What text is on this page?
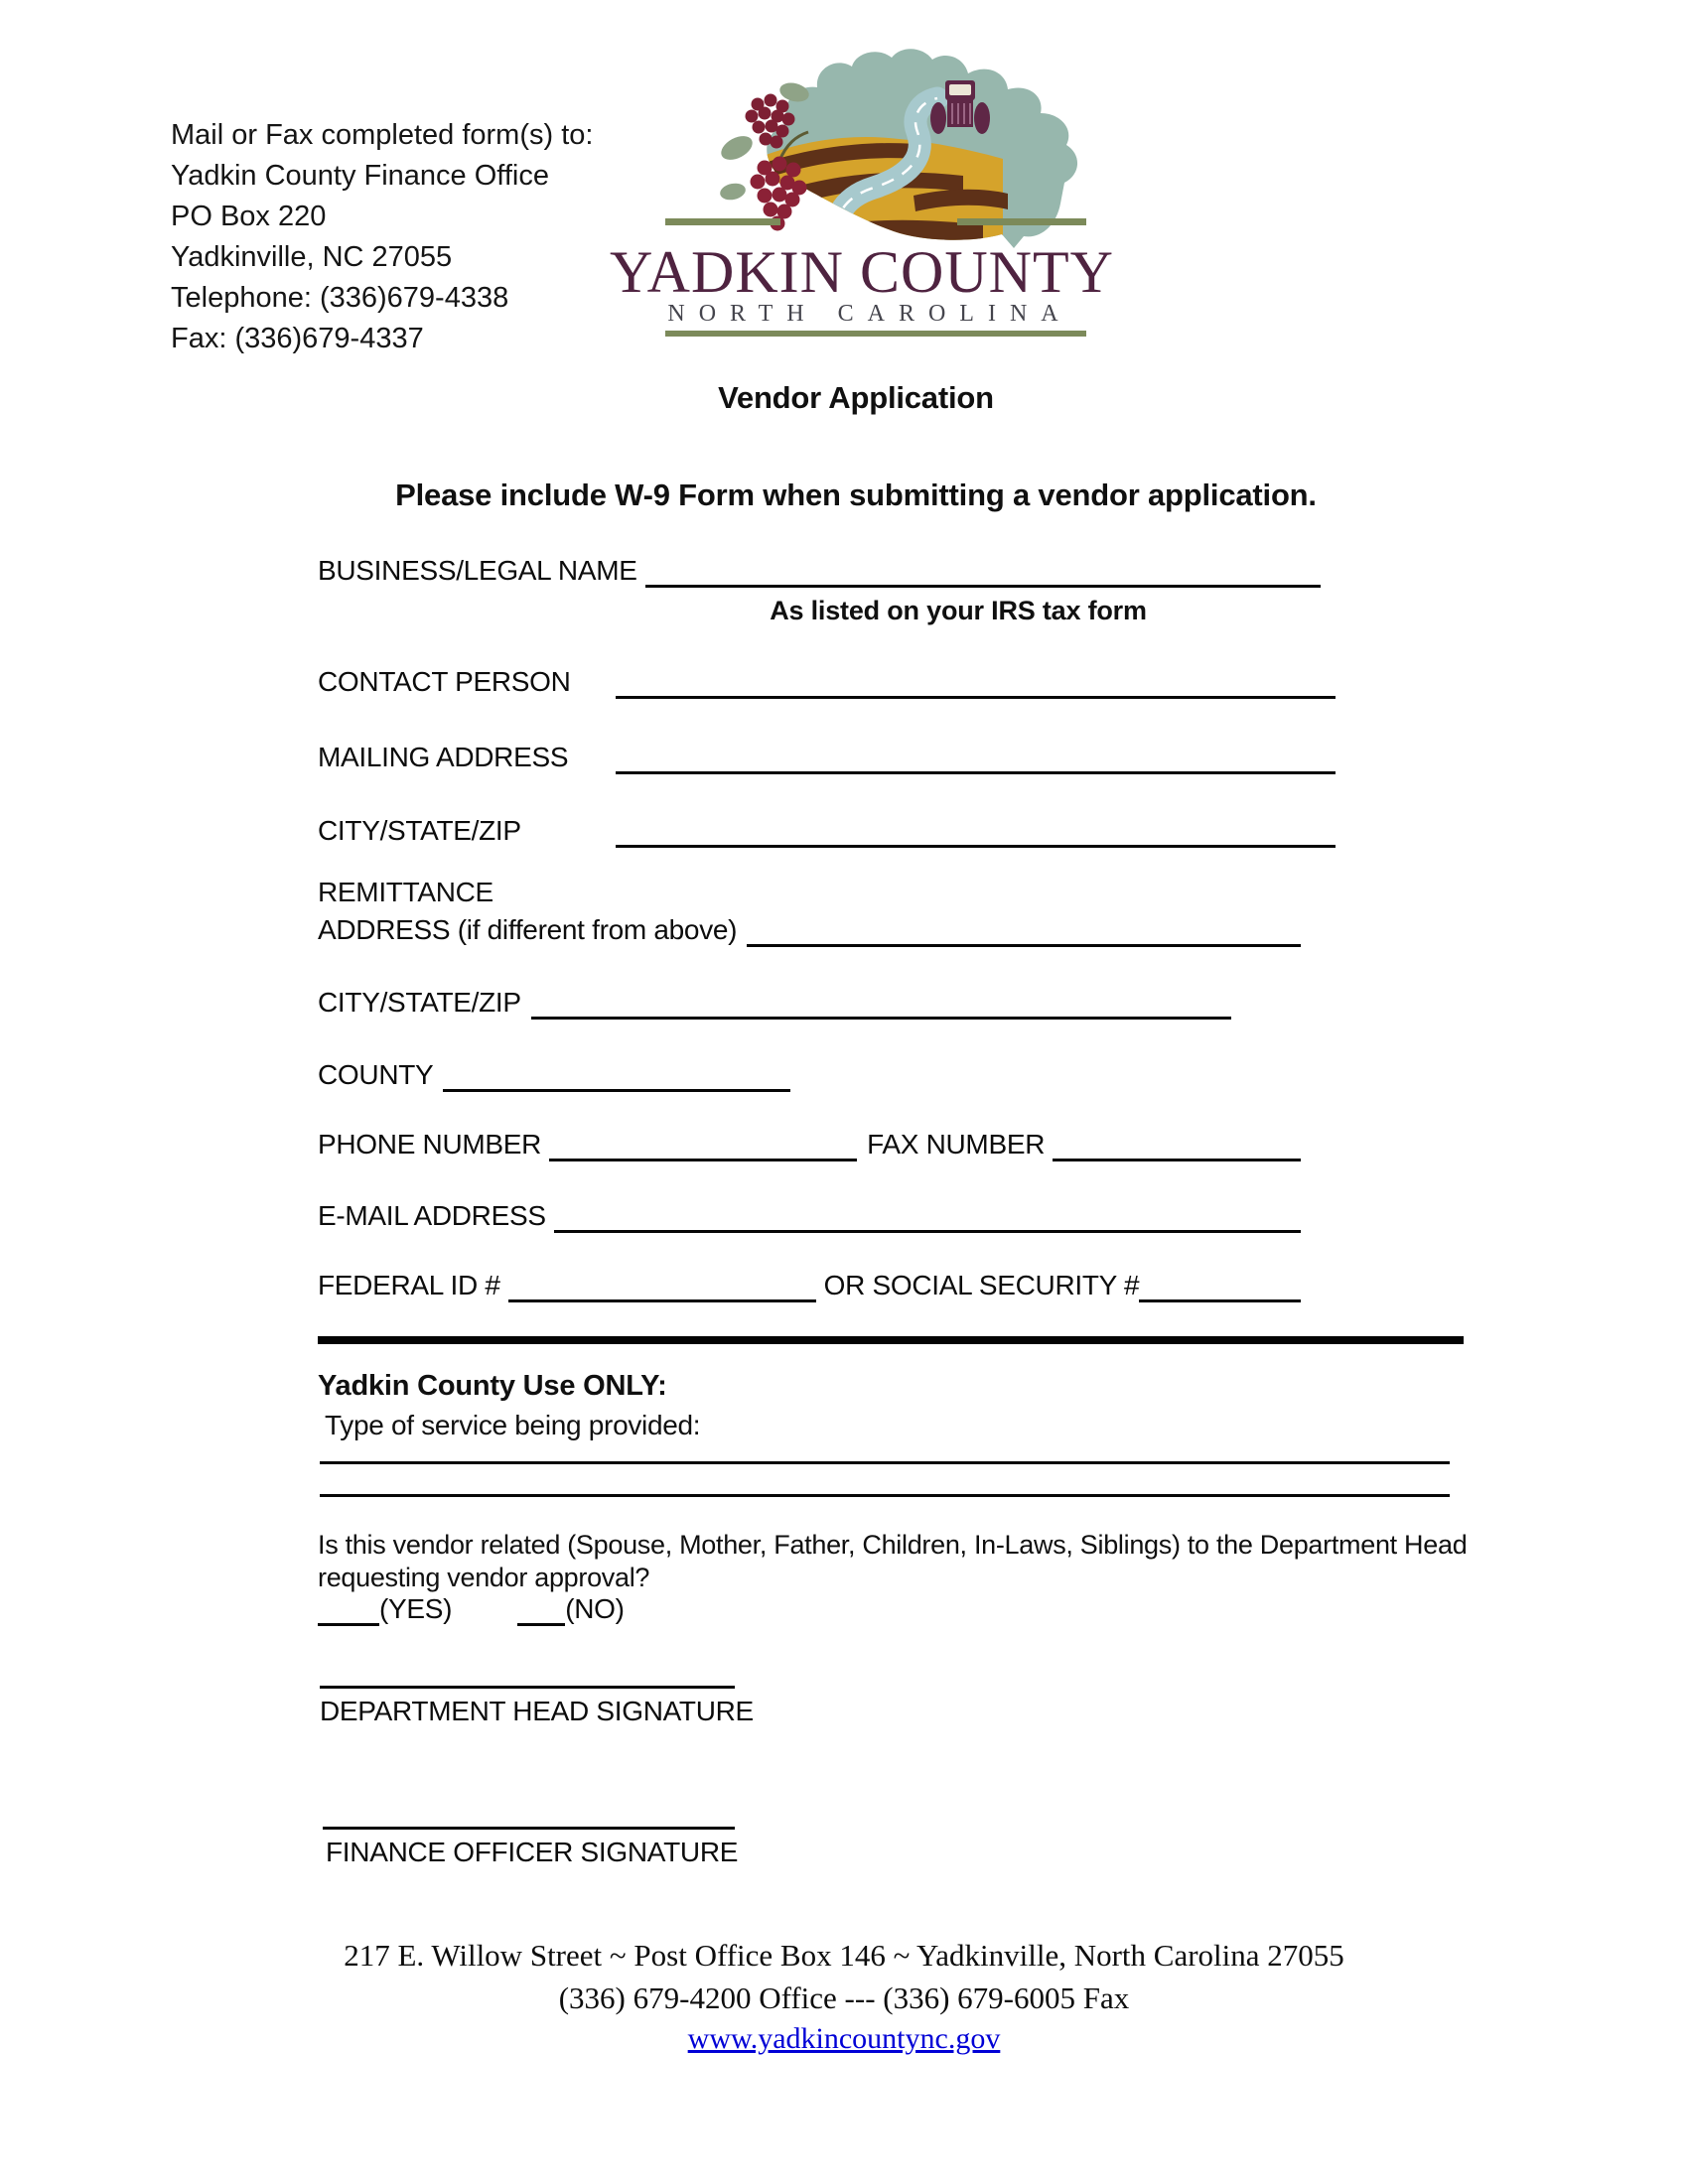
Mail or Fax completed form(s) to:
Yadkin County Finance Office
PO Box 220
Yadkinville, NC 27055
Telephone: (336)679-4338
Fax: (336)679-4337
YADKIN COUNTY
NORTH CAROLINA
Vendor Application
Please include W-9 Form when submitting a vendor application.
BUSINESS/LEGAL NAME
As listed on your IRS tax form
CONTACT PERSON
MAILING ADDRESS
CITY/STATE/ZIP
REMITTANCE
ADDRESS (if different from above)
CITY/STATE/ZIP
COUNTY
PHONE NUMBER	FAX NUMBER
E-MAIL ADDRESS
FEDERAL ID #	OR SOCIAL SECURITY #
Yadkin County Use ONLY:
Type of service being provided:
Is this vendor related (Spouse, Mother, Father, Children, In-Laws, Siblings) to the Department Head
requesting vendor approval?
(YES)	(NO)
DEPARTMENT HEAD SIGNATURE
FINANCE OFFICER SIGNATURE
217 E. Willow Street ~ Post Office Box 146 ~ Yadkinville, North Carolina 27055
(336) 679-4200 Office --- (336) 679-6005 Fax
www.yadkincountync.gov
